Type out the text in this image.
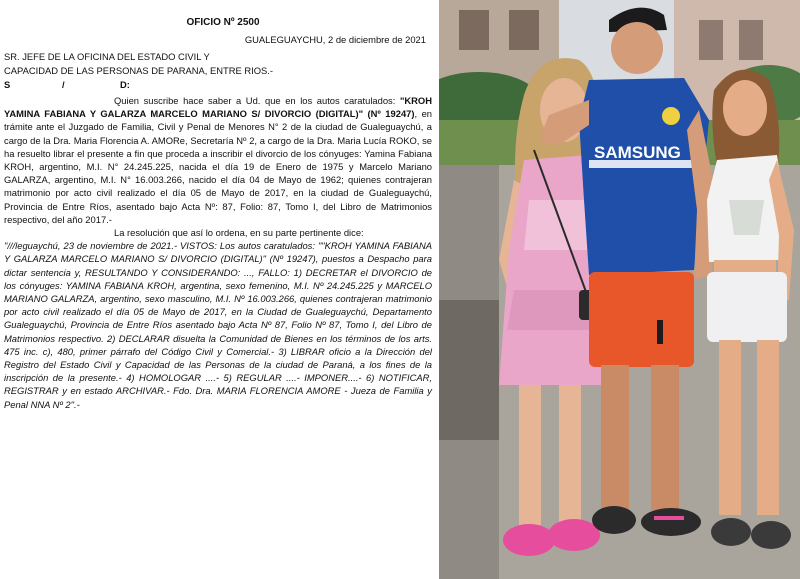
OFICIO Nº 2500
GUALEGUAYCHU, 2 de diciembre de 2021

SR. JEFE DE LA OFICINA DEL ESTADO CIVIL Y

CAPACIDAD DE LAS PERSONAS DE PARANA, ENTRE RIOS.-

S	/	D:

Quien suscribe hace saber a Ud. que en los autos caratulados: "KROH YAMINA FABIANA Y GALARZA MARCELO MARIANO S/ DIVORCIO (DIGITAL)" (Nº 19247), en trámite ante el Juzgado de Familia, Civil y Penal de Menores N° 2 de la ciudad de Gualeguaychú, a cargo de la Dra. Maria Florencia A. AMORe, Secretaría Nº 2, a cargo de la Dra. Maria Lucía ROKO, se ha resuelto librar el presente a fin que proceda a inscribir el divorcio de los cónyuges: Yamina Fabiana KROH, argentino, M.I. N° 24.245.225, nacida el día 19 de Enero de 1975 y Marcelo Mariano GALARZA, argentino, M.I. N° 16.003.266, nacido el día 04 de Mayo de 1962; quienes contrajeran matrimonio por acto civil realizado el día 05 de Mayo de 2017, en la ciudad de Gualeguaychú, Provincia de Entre Ríos, asentado bajo Acta Nº: 87, Folio: 87, Tomo I, del Libro de Matrimonios respectivo, del año 2017.-

La resolución que así lo ordena, en su parte pertinente dice:

"///leguaychú, 23 de noviembre de 2021.- VISTOS: Los autos caratulados: ""KROH YAMINA FABIANA Y GALARZA MARCELO MARIANO S/ DIVORCIO (DIGITAL)" (Nº 19247), puestos a Despacho para dictar sentencia y, RESULTANDO Y CONSIDERANDO: ..., FALLO: 1) DECRETAR el DIVORCIO de los cónyuges: YAMINA FABIANA KROH, argentina, sexo femenino, M.I. Nº 24.245.225 y MARCELO MARIANO GALARZA, argentino, sexo masculino, M.I. Nº 16.003.266, quienes contrajeran matrimonio por acto civil realizado el día 05 de Mayo de 2017, en la Ciudad de Gualeguaychú, Departamento Gualeguaychú, Provincia de Entre Ríos asentado bajo Acta Nº 87, Folio Nº 87, Tomo I, del Libro de Matrimonios respectivo. 2) DECLARAR disuelta la Comunidad de Bienes en los términos de los arts. 475 inc. c), 480, primer párrafo del Código Civil y Comercial.- 3) LIBRAR oficio a la Dirección del Registro del Estado Civil y Capacidad de las Personas de la ciudad de Paraná, a los fines de la inscripción de la presente.- 4) HOMOLOGAR ....- 5) REGULAR ....- IMPONER....- 6) NOTIFICAR, REGISTRAR y en estado ARCHIVAR.- Fdo. Dra. MARIA FLORENCIA AMORE - Jueza de Familia y Penal NNA Nº 2".-

SAMSUNG
